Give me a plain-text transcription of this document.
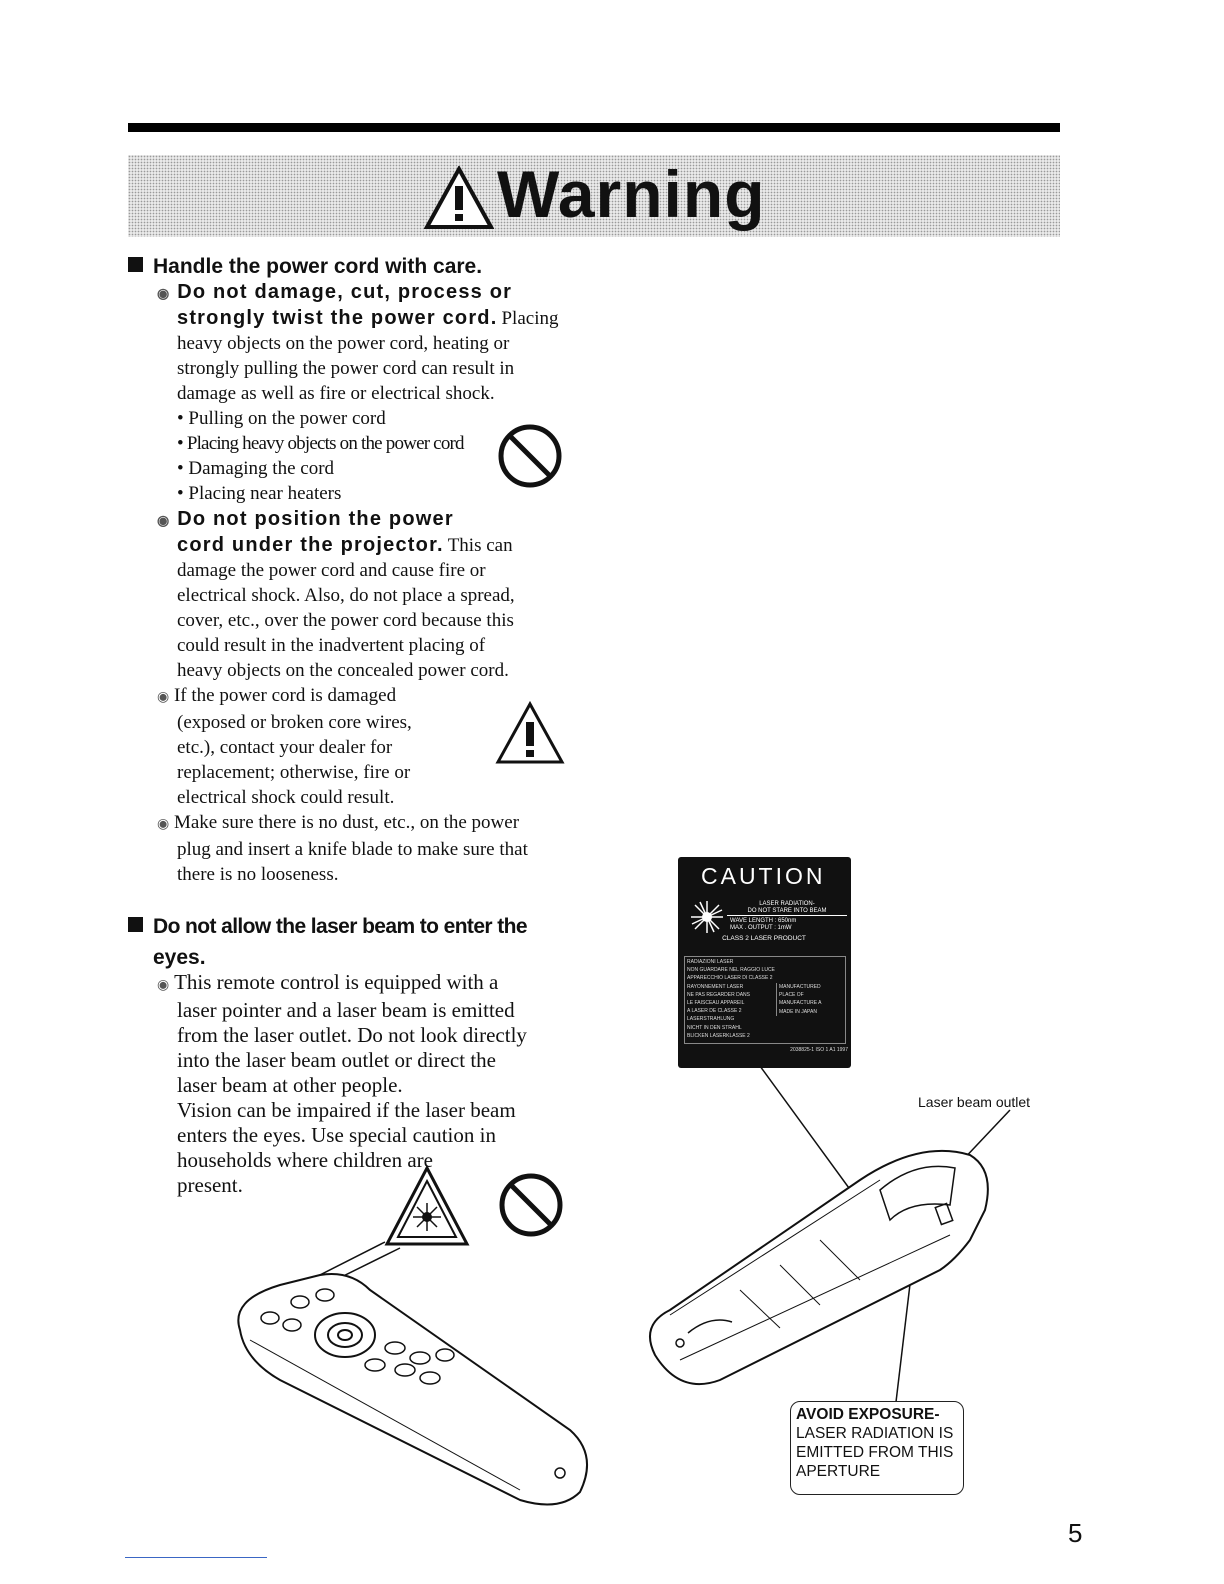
Warning
Handle the power cord with care.
◉ Do not damage, cut, process or
strongly twist the power cord. Placing
heavy objects on the power cord, heating or
strongly pulling the power cord can result in
damage as well as fire or electrical shock.
• Pulling on the power cord
• Placing heavy objects on the power cord
• Damaging the cord
• Placing near heaters
◉ Do not position the power
cord under the projector. This can
damage the power cord and cause fire or
electrical shock. Also, do not place a spread,
cover, etc., over the power cord because this
could result in the inadvertent placing of
heavy objects on the concealed power cord.
◉ If the power cord is damaged
(exposed or broken core wires,
etc.), contact your dealer for
replacement; otherwise, fire or
electrical shock could result.
◉ Make sure there is no dust, etc., on the power
plug and insert a knife blade to make sure that
there is no looseness.
Do not allow the laser beam to enter the
eyes.
◉ This remote control is equipped with a
laser pointer and a laser beam is emitted
from the laser outlet. Do not look directly
into the laser beam outlet or direct the
laser beam at other people.
Vision can be impaired if the laser beam
enters the eyes. Use special caution in
households where children are
present.
CAUTION
LASER RADIATION-
DO NOT STARE INTO BEAM
WAVE LENGTH : 650nm
MAX . OUTPUT : 1mW
CLASS 2 LASER PRODUCT
RADIAZIONI LASER
NON GUARDARE NEL RAGGIO LUCE
APPARECCHIO LASER DI CLASSE 2
RAYONNEMENT LASER
NE PAS REGARDER DANS
LE FAISCEAU APPAREIL
A LASER DE CLASSE 2
LASERSTRAHLUNG
NICHT IN DEN STRAHL
BLICKEN LASERKLASSE 2
MANUFACTURED
PLACE OF
MANUFACTURE A
MADE IN JAPAN
2038825-1 ISO 1 A1 1997
Laser beam outlet
AVOID EXPOSURE-
LASER RADIATION IS
EMITTED FROM THIS
APERTURE
5
